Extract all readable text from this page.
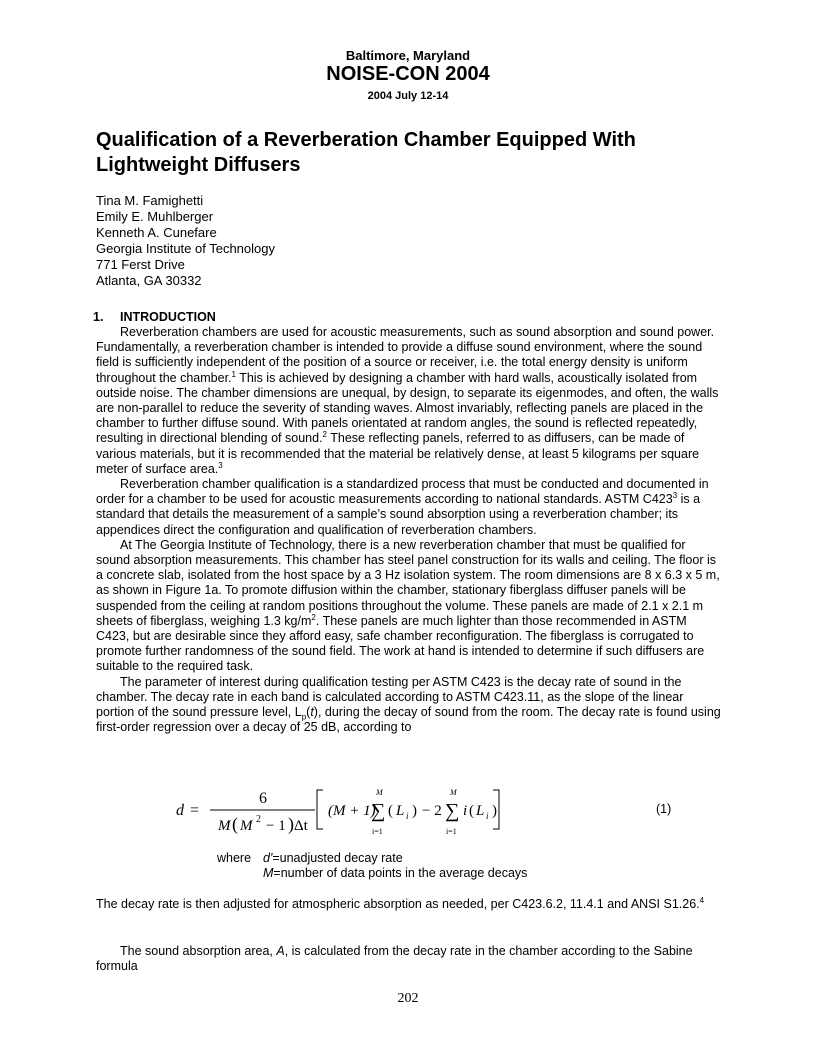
Baltimore, Maryland
NOISE-CON 2004
2004 July 12-14
Qualification of a Reverberation Chamber Equipped With Lightweight Diffusers
Tina M. Famighetti
Emily E. Muhlberger
Kenneth A. Cunefare
Georgia Institute of Technology
771 Ferst Drive
Atlanta, GA 30332
1. INTRODUCTION

Reverberation chambers are used for acoustic measurements, such as sound absorption and sound power. Fundamentally, a reverberation chamber is intended to provide a diffuse sound environment, where the sound field is sufficiently independent of the position of a source or receiver, i.e. the total energy density is uniform throughout the chamber.$^1$ This is achieved by designing a chamber with hard walls, acoustically isolated from outside noise. The chamber dimensions are unequal, by design, to separate its eigenmodes, and often, the walls are non-parallel to reduce the severity of standing waves. Almost invariably, reflecting panels are placed in the chamber to further diffuse sound. With panels orientated at random angles, the sound is reflected repeatedly, resulting in directional blending of sound.$^2$ These reflecting panels, referred to as diffusers, can be made of various materials, but it is recommended that the material be relatively dense, at least 5 kilograms per square meter of surface area.$^3$

Reverberation chamber qualification is a standardized process that must be conducted and documented in order for a chamber to be used for acoustic measurements according to national standards. ASTM $C423^3$ is a standard that details the measurement of a sample’s sound absorption using a reverberation chamber; its appendices direct the configuration and qualification of reverberation chambers.

At The Georgia Institute of Technology, there is a new reverberation chamber that must be qualified for sound absorption measurements. This chamber has steel panel construction for its walls and ceiling. The floor is a concrete slab, isolated from the host space by a 3 Hz isolation system. The room dimensions are 8 x 6.3 x 5 m, as shown in Figure 1a. To promote diffusion within the chamber, stationary fiberglass diffuser panels will be suspended from the ceiling at random positions throughout the volume. These panels are made of 2.1 x 2.1 m sheets of fiberglass, weighing 1.3 $kg/m^2$. These panels are much lighter than those recommended in ASTM C423, but are desirable since they afford easy, safe chamber reconfiguration. The fiberglass is corrugated to promote further randomness of the sound field. The work at hand is intended to determine if such diffusers are suitable to the required task.

The parameter of interest during qualification testing per ASTM C423 is the decay rate of sound in the chamber. The decay rate in each band is calculated according to ASTM C423.11, as the slope of the linear portion of the sound pressure level, $L_p(t)$, during the decay of sound from the room. The decay rate is found using first-order regression over a decay of 25 dB, according to

d =
6
M ( M 2 − 1 ) Δt
(M + 1)
M
∑
i=1
( L i ) − 2
M
∑
i=1
i ( L i )	(1)
where d'=unadjusted decay rate
M=number of data points in the average decays

The decay rate is then adjusted for atmospheric absorption as needed, per C423.6.2, 11.4.1 and ANSI S1.26.$^4$

The sound absorption area, A, is calculated from the decay rate in the chamber according to the Sabine formula

202
